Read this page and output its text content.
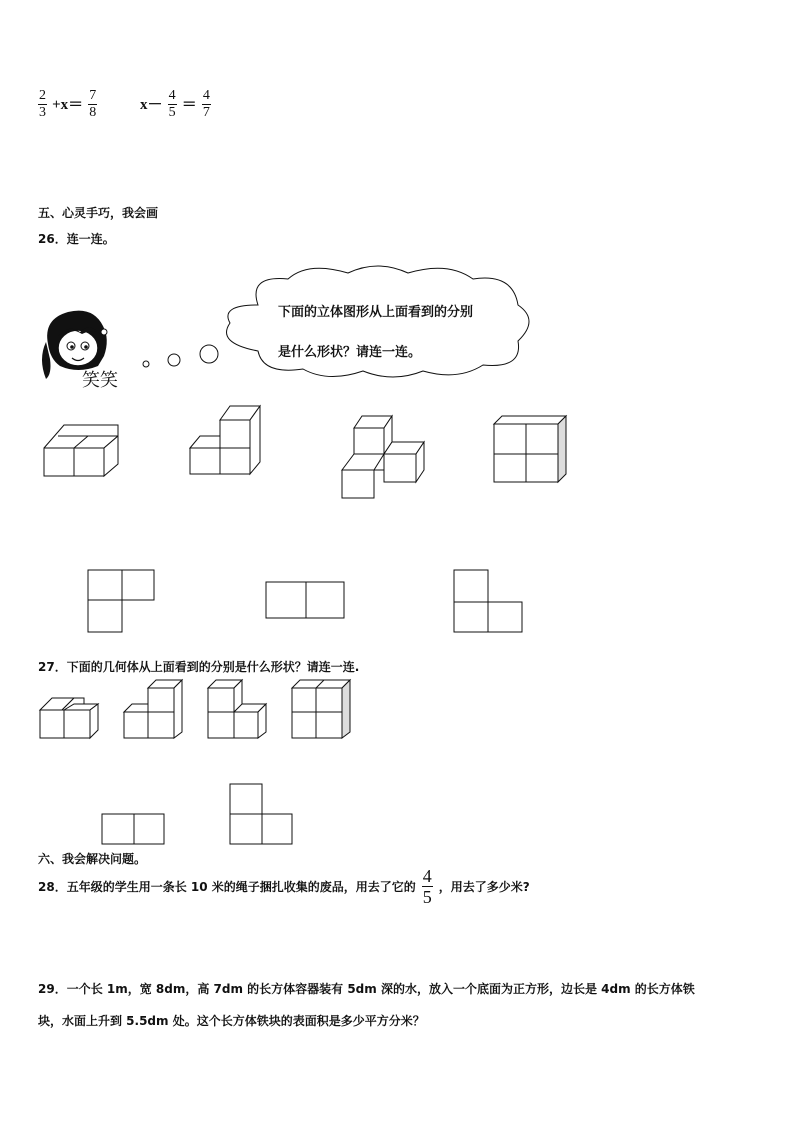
$\frac{2}{3} +x= \frac{7}{8}$	$x- \frac{4}{5} = \frac{4}{7}$
五、心灵手巧，我会画
26．连一连。
笑笑
下面的立体图形从上面看到的分别
是什么形状？请连一连。
27．下面的几何体从上面看到的分别是什么形状？请连一连.
六、我会解决问题。
28．五年级的学生用一条长 10 米的绳子捆扎收集的废品，用去了它的 $\frac{4}{5}$ ，用去了多少米?
29．一个长 1m，宽 8dm，高 7dm 的长方体容器装有 5dm 深的水，放入一个底面为正方形，边长是 4dm 的长方体铁
块，水面上升到 5.5dm 处。这个长方体铁块的表面积是多少平方分米？
